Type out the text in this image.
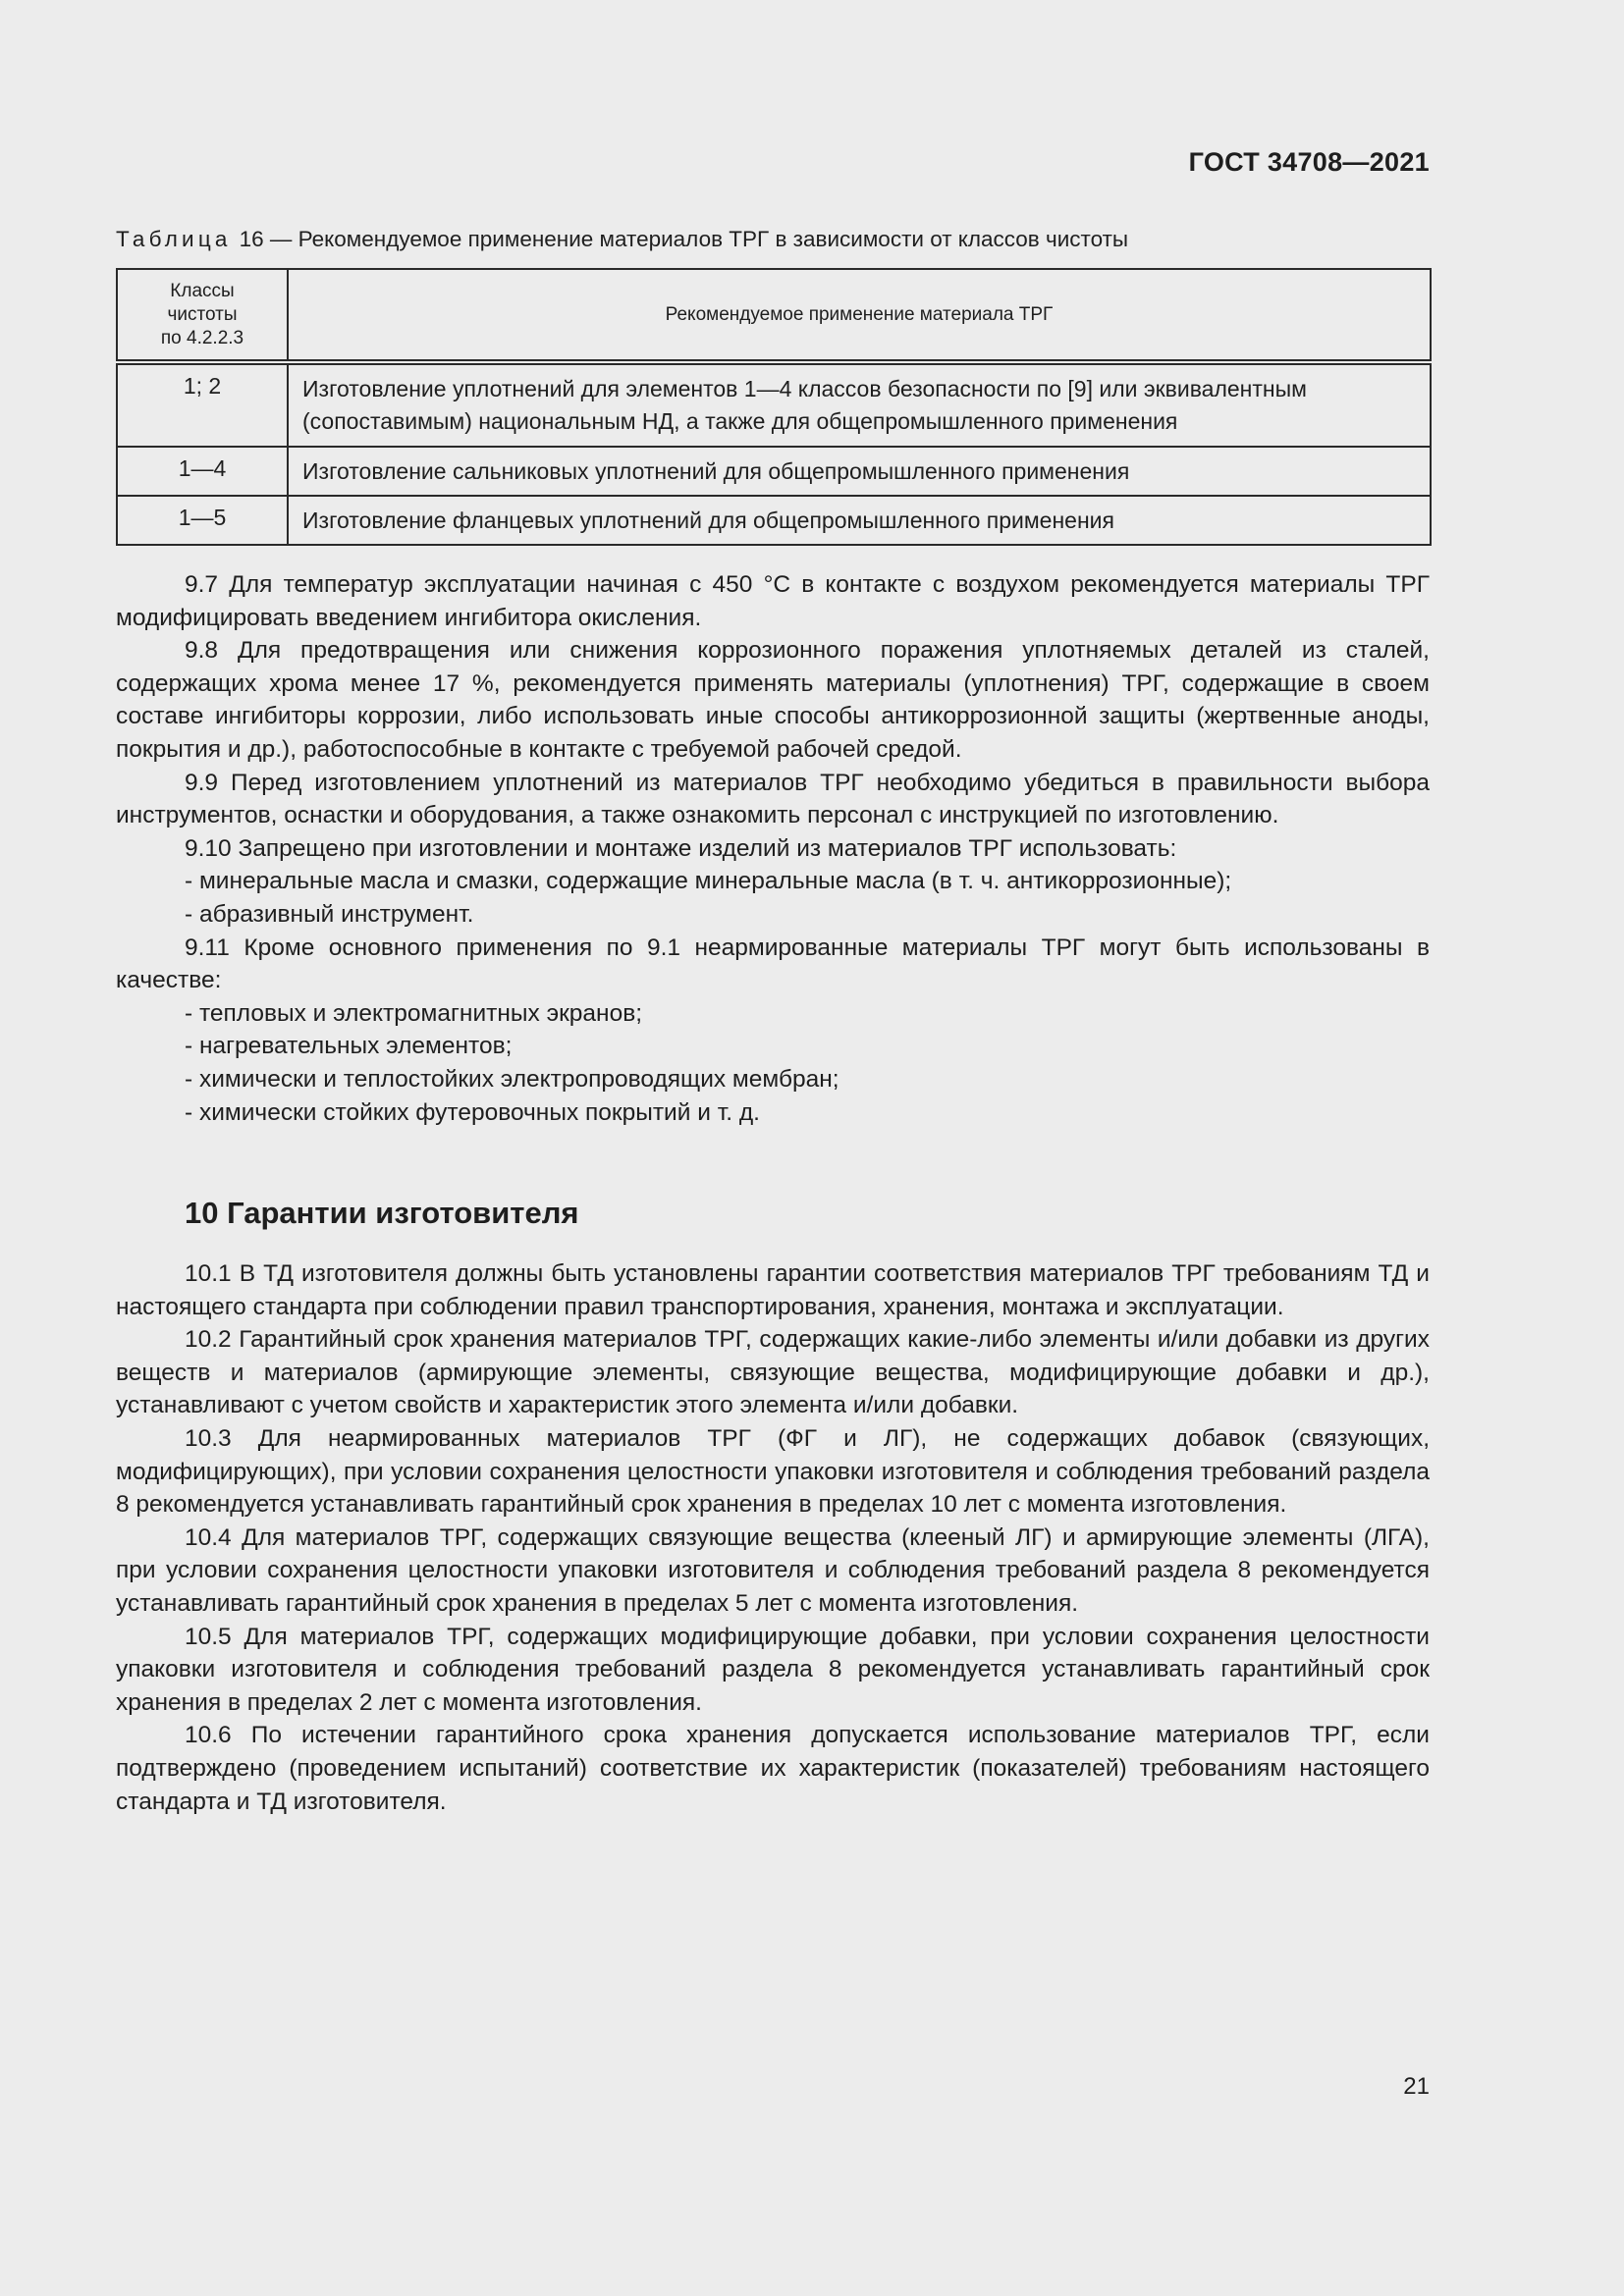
ГОСТ 34708—2021
Таблица 16 — Рекомендуемое применение материалов ТРГ в зависимости от классов чистоты
Классы
чистоты
по 4.2.2.3	Рекомендуемое применение материала ТРГ
1; 2	Изготовление уплотнений для элементов 1—4 классов безопасности по [9] или эквивалентным (сопоставимым) национальным НД, а также для общепромышленного применения
1—4	Изготовление сальниковых уплотнений для общепромышленного применения
1—5	Изготовление фланцевых уплотнений для общепромышленного применения

9.7 Для температур эксплуатации начиная с 450 °С в контакте с воздухом рекомендуется материалы ТРГ модифицировать введением ингибитора окисления.

9.8 Для предотвращения или снижения коррозионного поражения уплотняемых деталей из сталей, содержащих хрома менее 17 %, рекомендуется применять материалы (уплотнения) ТРГ, содержащие в своем составе ингибиторы коррозии, либо использовать иные способы антикоррозионной защиты (жертвенные аноды, покрытия и др.), работоспособные в контакте с требуемой рабочей средой.

9.9 Перед изготовлением уплотнений из материалов ТРГ необходимо убедиться в правильности выбора инструментов, оснастки и оборудования, а также ознакомить персонал с инструкцией по изготовлению.

9.10 Запрещено при изготовлении и монтаже изделий из материалов ТРГ использовать:

- минеральные масла и смазки, содержащие минеральные масла (в т. ч. антикоррозионные);
- абразивный инструмент.

9.11 Кроме основного применения по 9.1 неармированные материалы ТРГ могут быть использованы в качестве:

- тепловых и электромагнитных экранов;
- нагревательных элементов;
- химически и теплостойких электропроводящих мембран;
- химически стойких футеровочных покрытий и т. д.
10 Гарантии изготовителя

10.1 В ТД изготовителя должны быть установлены гарантии соответствия материалов ТРГ требованиям ТД и настоящего стандарта при соблюдении правил транспортирования, хранения, монтажа и эксплуатации.

10.2 Гарантийный срок хранения материалов ТРГ, содержащих какие-либо элементы и/или добавки из других веществ и материалов (армирующие элементы, связующие вещества, модифицирующие добавки и др.), устанавливают с учетом свойств и характеристик этого элемента и/или добавки.

10.3 Для неармированных материалов ТРГ (ФГ и ЛГ), не содержащих добавок (связующих, модифицирующих), при условии сохранения целостности упаковки изготовителя и соблюдения требований раздела 8 рекомендуется устанавливать гарантийный срок хранения в пределах 10 лет с момента изготовления.

10.4 Для материалов ТРГ, содержащих связующие вещества (клееный ЛГ) и армирующие элементы (ЛГА), при условии сохранения целостности упаковки изготовителя и соблюдения требований раздела 8 рекомендуется устанавливать гарантийный срок хранения в пределах 5 лет с момента изготовления.

10.5 Для материалов ТРГ, содержащих модифицирующие добавки, при условии сохранения целостности упаковки изготовителя и соблюдения требований раздела 8 рекомендуется устанавливать гарантийный срок хранения в пределах 2 лет с момента изготовления.

10.6 По истечении гарантийного срока хранения допускается использование материалов ТРГ, если подтверждено (проведением испытаний) соответствие их характеристик (показателей) требованиям настоящего стандарта и ТД изготовителя.

21
